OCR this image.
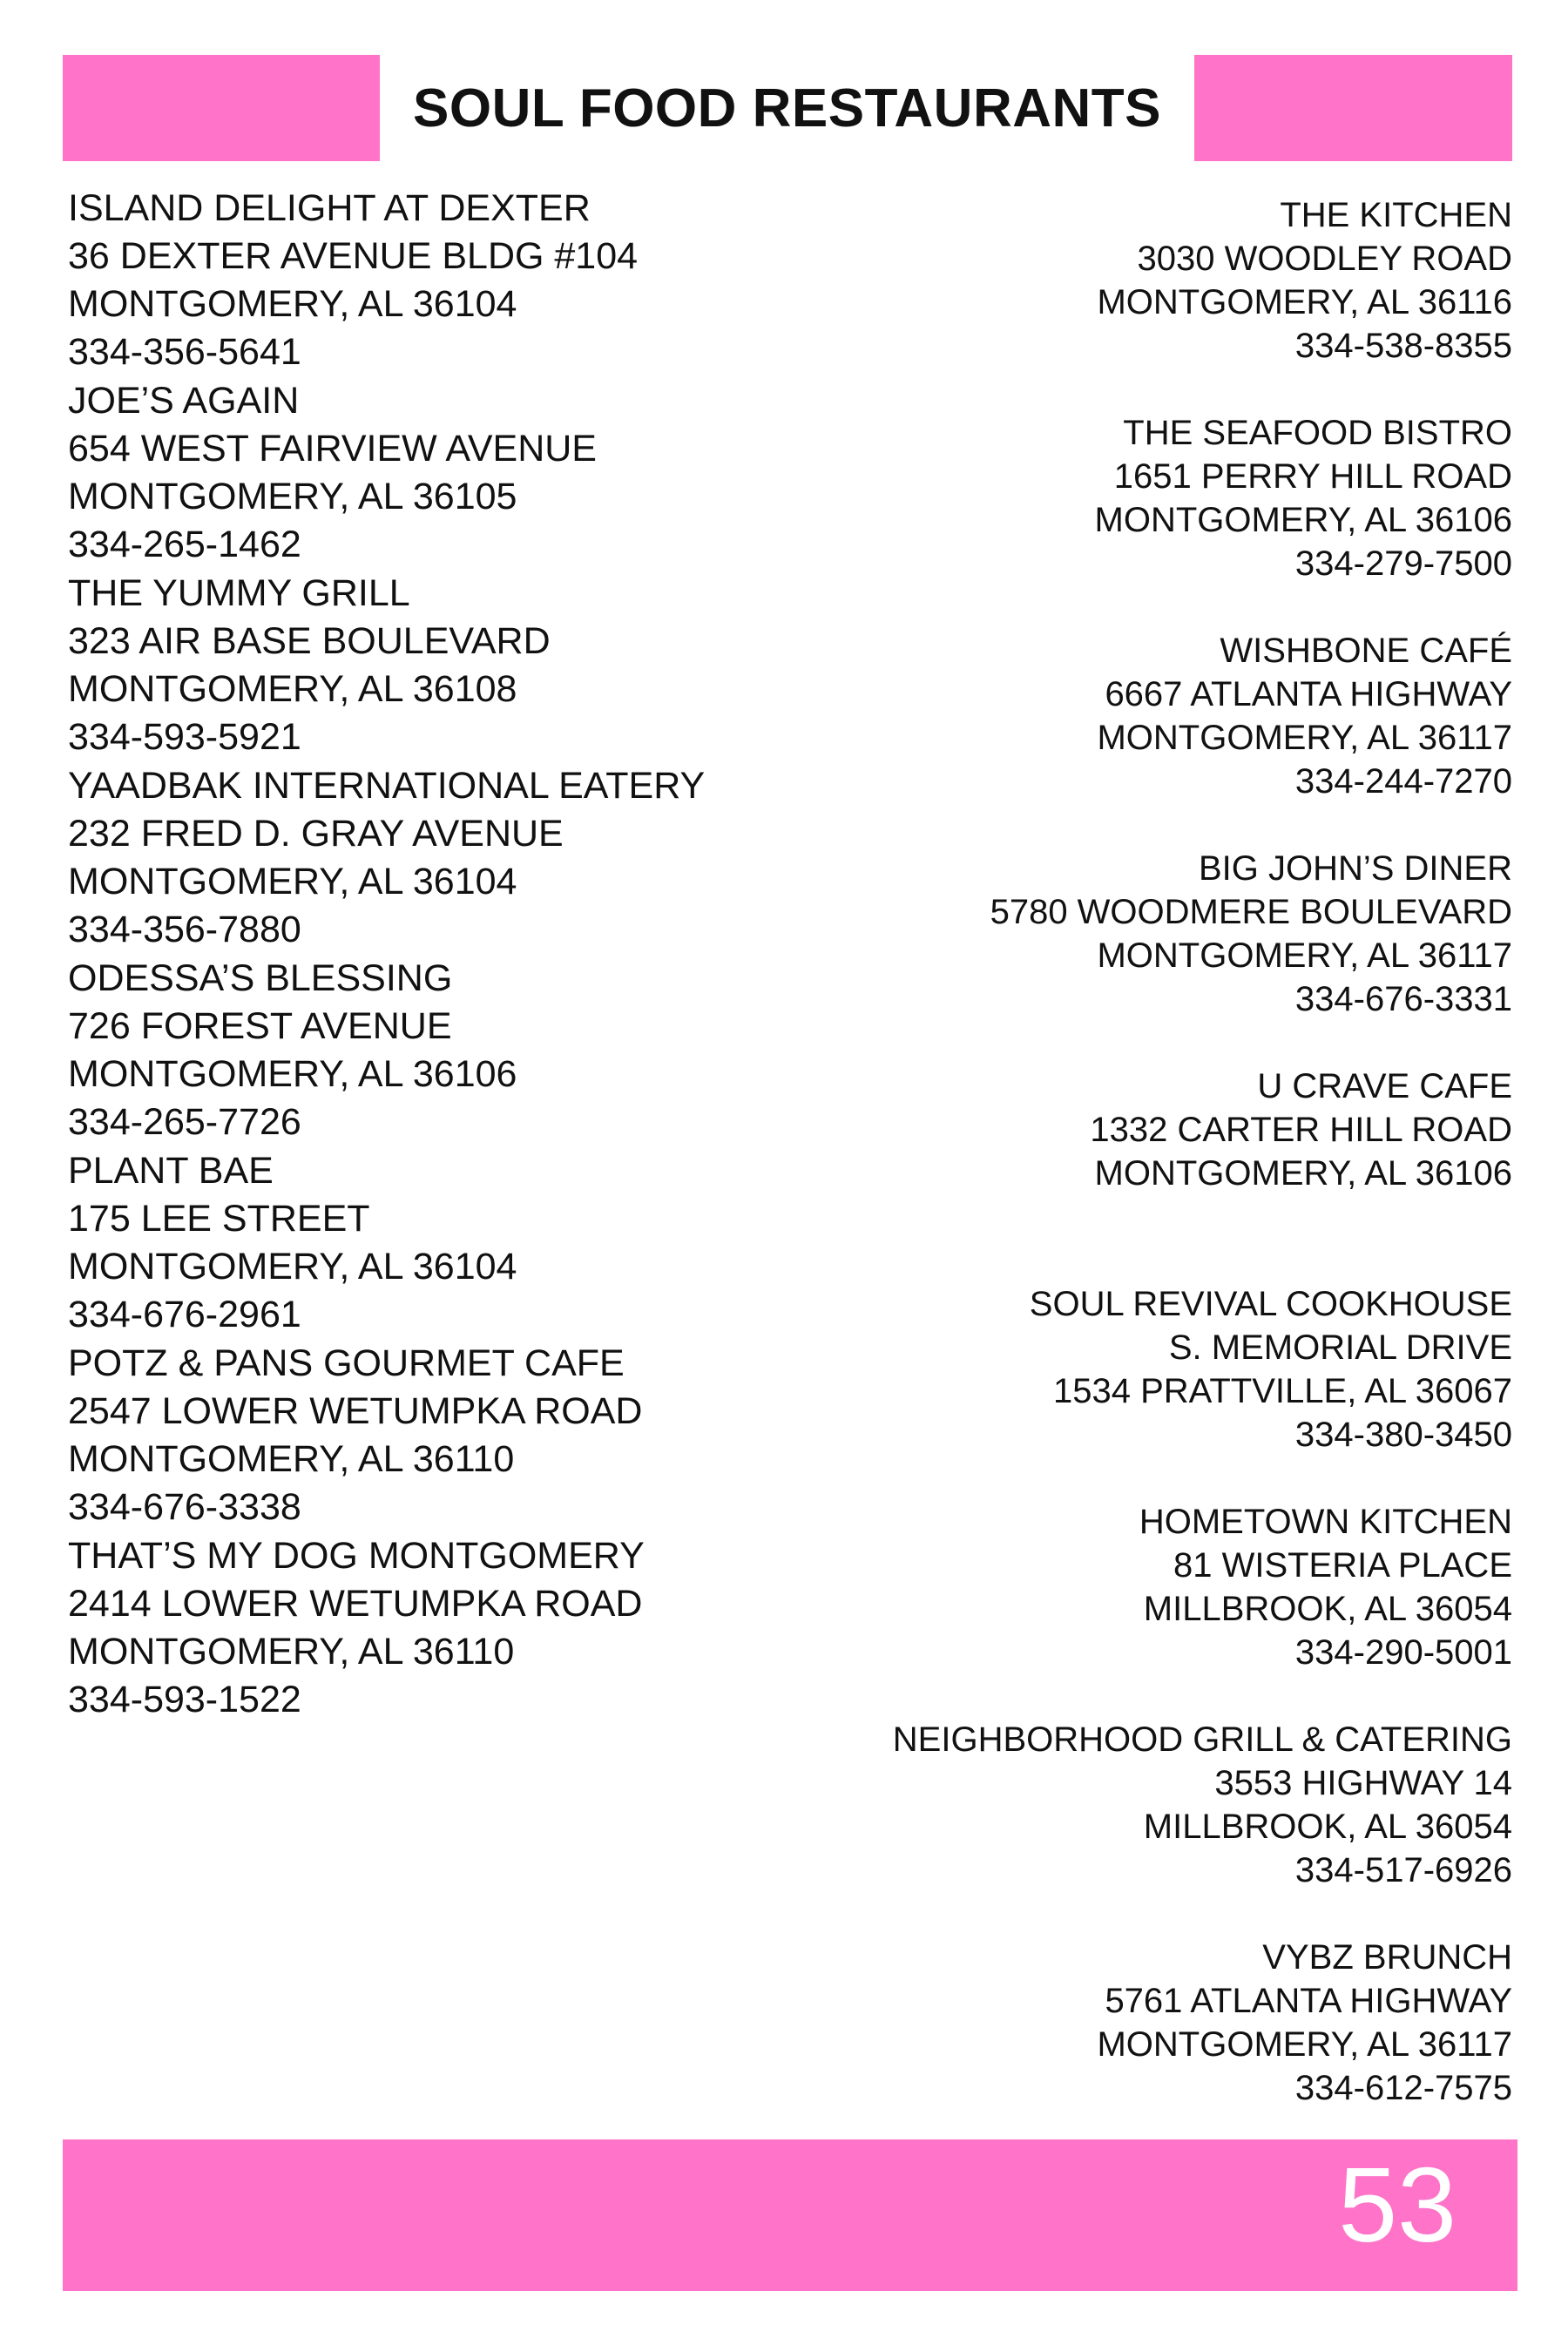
SOUL FOOD RESTAURANTS
ISLAND DELIGHT AT DEXTER
36 DEXTER AVENUE BLDG #104
MONTGOMERY, AL 36104
334-356-5641
JOE’S AGAIN
654 WEST FAIRVIEW AVENUE
MONTGOMERY, AL 36105
334-265-1462
THE YUMMY GRILL
323 AIR BASE BOULEVARD
MONTGOMERY, AL 36108
334-593-5921
YAADBAK INTERNATIONAL EATERY
232 FRED D. GRAY AVENUE
MONTGOMERY, AL 36104
334-356-7880
ODESSA’S BLESSING
726 FOREST AVENUE
MONTGOMERY, AL 36106
334-265-7726
PLANT BAE
175 LEE STREET
MONTGOMERY, AL 36104
334-676-2961
POTZ & PANS GOURMET CAFE
2547 LOWER WETUMPKA ROAD
MONTGOMERY, AL 36110
334-676-3338
THAT’S MY DOG MONTGOMERY
2414 LOWER WETUMPKA ROAD
MONTGOMERY, AL 36110
334-593-1522
THE KITCHEN
3030 WOODLEY ROAD
MONTGOMERY, AL 36116
334-538-8355
THE SEAFOOD BISTRO
1651 PERRY HILL ROAD
MONTGOMERY, AL 36106
334-279-7500
WISHBONE CAFÉ
6667 ATLANTA HIGHWAY
MONTGOMERY, AL 36117
334-244-7270
BIG JOHN’S DINER
5780 WOODMERE BOULEVARD
MONTGOMERY, AL 36117
334-676-3331
U CRAVE CAFE
1332 CARTER HILL ROAD
MONTGOMERY, AL 36106
SOUL REVIVAL COOKHOUSE
S. MEMORIAL DRIVE
1534 PRATTVILLE, AL 36067
334-380-3450
HOMETOWN KITCHEN
81 WISTERIA PLACE
MILLBROOK, AL 36054
334-290-5001
NEIGHBORHOOD GRILL & CATERING
3553 HIGHWAY 14
MILLBROOK, AL 36054
334-517-6926
VYBZ BRUNCH
5761 ATLANTA HIGHWAY
MONTGOMERY, AL 36117
334-612-7575
53
